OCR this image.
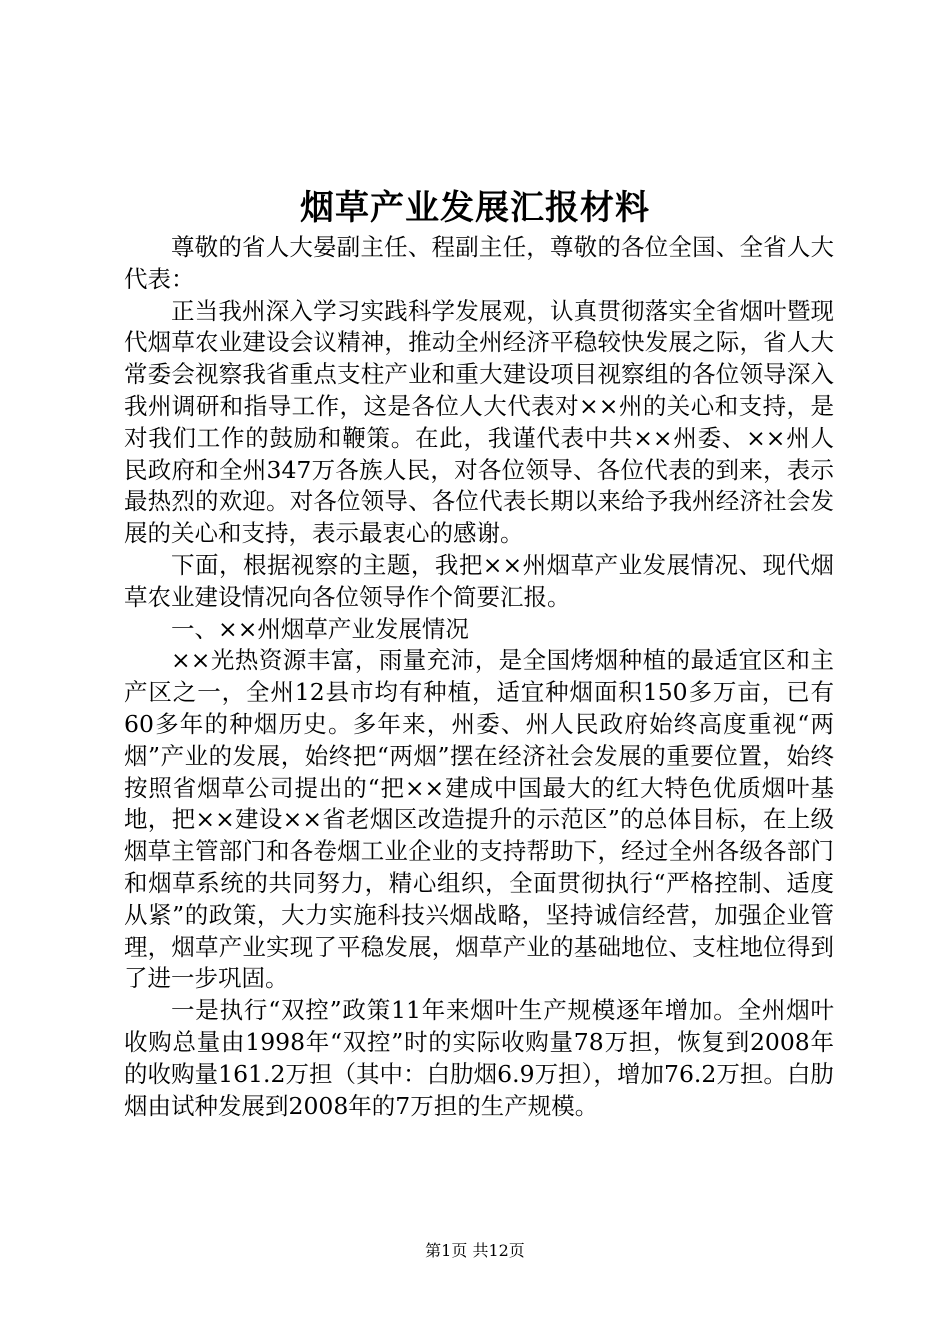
烟草产业发展汇报材料

尊敬的省人大晏副主任、程副主任，尊敬的各位全国、全省人大代表：

正当我州深入学习实践科学发展观，认真贯彻落实全省烟叶暨现代烟草农业建设会议精神，推动全州经济平稳较快发展之际，省人大常委会视察我省重点支柱产业和重大建设项目视察组的各位领导深入我州调研和指导工作，这是各位人大代表对××州的关心和支持，是对我们工作的鼓励和鞭策。在此，我谨代表中共××州委、××州人民政府和全州347万各族人民，对各位领导、各位代表的到来，表示最热烈的欢迎。对各位领导、各位代表长期以来给予我州经济社会发展的关心和支持，表示最衷心的感谢。

下面，根据视察的主题，我把××州烟草产业发展情况、现代烟草农业建设情况向各位领导作个简要汇报。

一、××州烟草产业发展情况

××光热资源丰富，雨量充沛，是全国烤烟种植的最适宜区和主产区之一，全州12县市均有种植，适宜种烟面积150多万亩，已有60多年的种烟历史。多年来，州委、州人民政府始终高度重视“两烟”产业的发展，始终把“两烟”摆在经济社会发展的重要位置，始终按照省烟草公司提出的“把××建成中国最大的红大特色优质烟叶基地，把××建设××省老烟区改造提升的示范区”的总体目标，在上级烟草主管部门和各卷烟工业企业的支持帮助下，经过全州各级各部门和烟草系统的共同努力，精心组织，全面贯彻执行“严格控制、适度从紧”的政策，大力实施科技兴烟战略，坚持诚信经营，加强企业管理，烟草产业实现了平稳发展，烟草产业的基础地位、支柱地位得到了进一步巩固。

一是执行“双控”政策11年来烟叶生产规模逐年增加。全州烟叶收购总量由1998年“双控”时的实际收购量78万担，恢复到2008年的收购量161.2万担（其中：白肋烟6.9万担），增加76.2万担。白肋烟由试种发展到2008年的7万担的生产规模。

第1页 共12页
